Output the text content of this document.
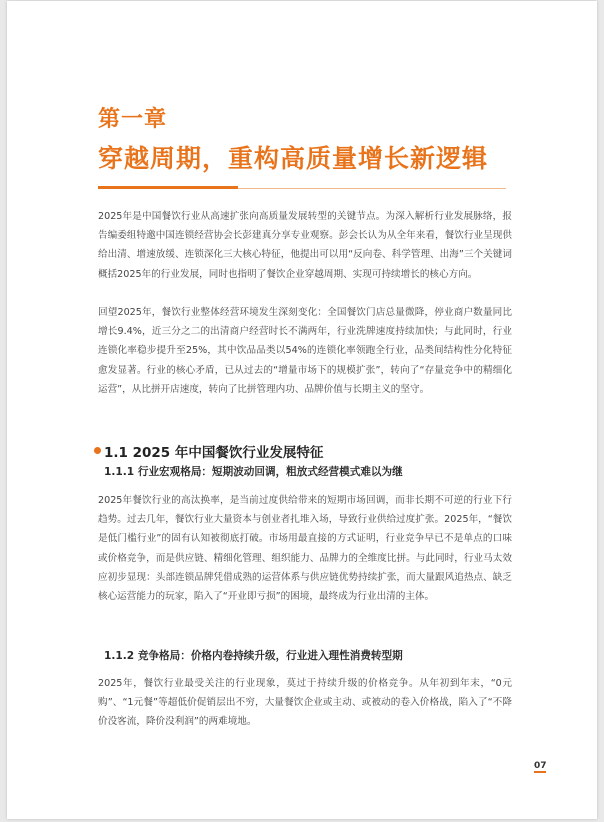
第一章
穿越周期，重构高质量增长新逻辑

2025年是中国餐饮行业从高速扩张向高质量发展转型的关键节点。为深入解析行业发展脉络，报告编委组特邀中国连锁经营协会长彭建真分享专业观察。彭会长认为从全年来看，餐饮行业呈现供给出清、增速放缓、连锁深化三大核心特征，他提出可以用“反向卷、科学管理、出海”三个关键词概括2025年的行业发展，同时也指明了餐饮企业穿越周期、实现可持续增长的核心方向。

回望2025年，餐饮行业整体经营环境发生深刻变化：全国餐饮门店总量微降，停业商户数量同比增长9.4%，近三分之二的出清商户经营时长不满两年，行业洗牌速度持续加快；与此同时，行业连锁化率稳步提升至25%，其中饮品品类以54%的连锁化率领跑全行业，品类间结构性分化特征愈发显著。行业的核心矛盾，已从过去的“增量市场下的规模扩张”，转向了“存量竞争中的精细化运营”，从比拼开店速度，转向了比拼管理内功、品牌价值与长期主义的坚守。

1.1 2025 年中国餐饮行业发展特征
1.1.1 行业宏观格局：短期波动回调，粗放式经营模式难以为继

2025年餐饮行业的高汰换率，是当前过度供给带来的短期市场回调，而非长期不可逆的行业下行趋势。过去几年，餐饮行业大量资本与创业者扎堆入场，导致行业供给过度扩张。2025年，“餐饮是低门槛行业”的固有认知被彻底打破。市场用最直接的方式证明，行业竞争早已不是单点的口味或价格竞争，而是供应链、精细化管理、组织能力、品牌力的全维度比拼。与此同时，行业马太效应初步显现：头部连锁品牌凭借成熟的运营体系与供应链优势持续扩张，而大量跟风追热点、缺乏核心运营能力的玩家，陷入了“开业即亏损”的困境，最终成为行业出清的主体。

1.1.2 竞争格局：价格内卷持续升级，行业进入理性消费转型期

2025年，餐饮行业最受关注的行业现象，莫过于持续升级的价格竞争。从年初到年末，“0元购”、“1元餐”等超低价促销层出不穷，大量餐饮企业或主动、或被动的卷入价格战，陷入了“不降价没客流，降价没利润”的两难境地。

07
